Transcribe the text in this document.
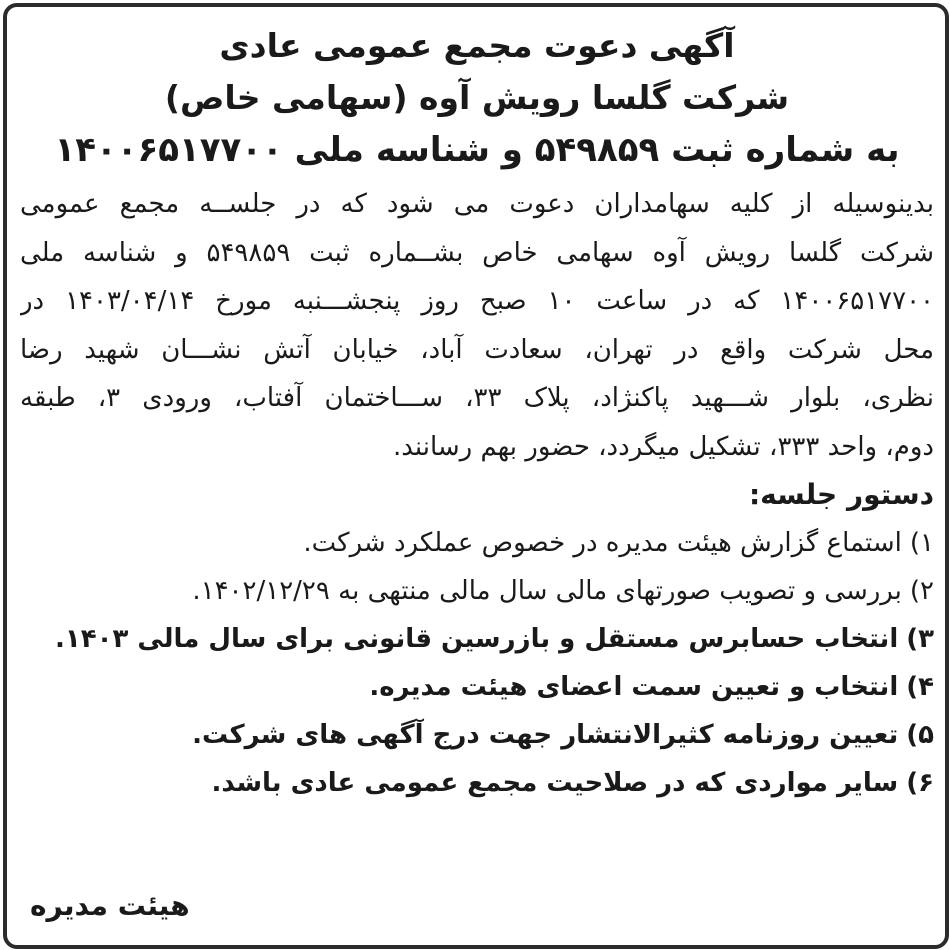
آگهی دعوت مجمع عمومی عادی
شرکت گلسا رویش آوه (سهامی خاص)
به شماره ثبت ۵۴۹۸۵۹ و شناسه ملی ۱۴۰۰۶۵۱۷۷۰۰
بدینوسیله از کلیه سهامداران دعوت می شود که در جلســه مجمع عمومی
شرکت گلسا رویش آوه سهامی خاص بشــماره ثبت ۵۴۹۸۵۹ و شناسه ملی
۱۴۰۰۶۵۱۷۷۰۰ که در ساعت ۱۰ صبح روز پنجشـــنبه مورخ ۱۴۰۳/۰۴/۱۴ در
محل شرکت واقع در تهران، سعادت آباد، خیابان آتش نشـــان شهید رضا
نظری، بلوار شـــهید پاکنژاد، پلاک ۳۳، ســـاختمان آفتاب، ورودی ۳، طبقه
دوم، واحد ۳۳۳، تشکیل میگردد، حضور بهم رسانند.
دستور جلسه:
۱)استماع گزارش هیئت مدیره در خصوص عملکرد شرکت.
۲)بررسی و تصویب صورتهای مالی سال مالی منتهی به ۱۴۰۲/۱۲/۲۹.
۳)انتخاب حسابرس مستقل و بازرسین قانونی برای سال مالی ۱۴۰۳.
۴)انتخاب و تعیین سمت اعضای هیئت مدیره.
۵)تعیین روزنامه کثیرالانتشار جهت درج آگهی های شرکت.
۶)سایر مواردی که در صلاحیت مجمع عمومی عادی باشد.
هیئت مدیره
